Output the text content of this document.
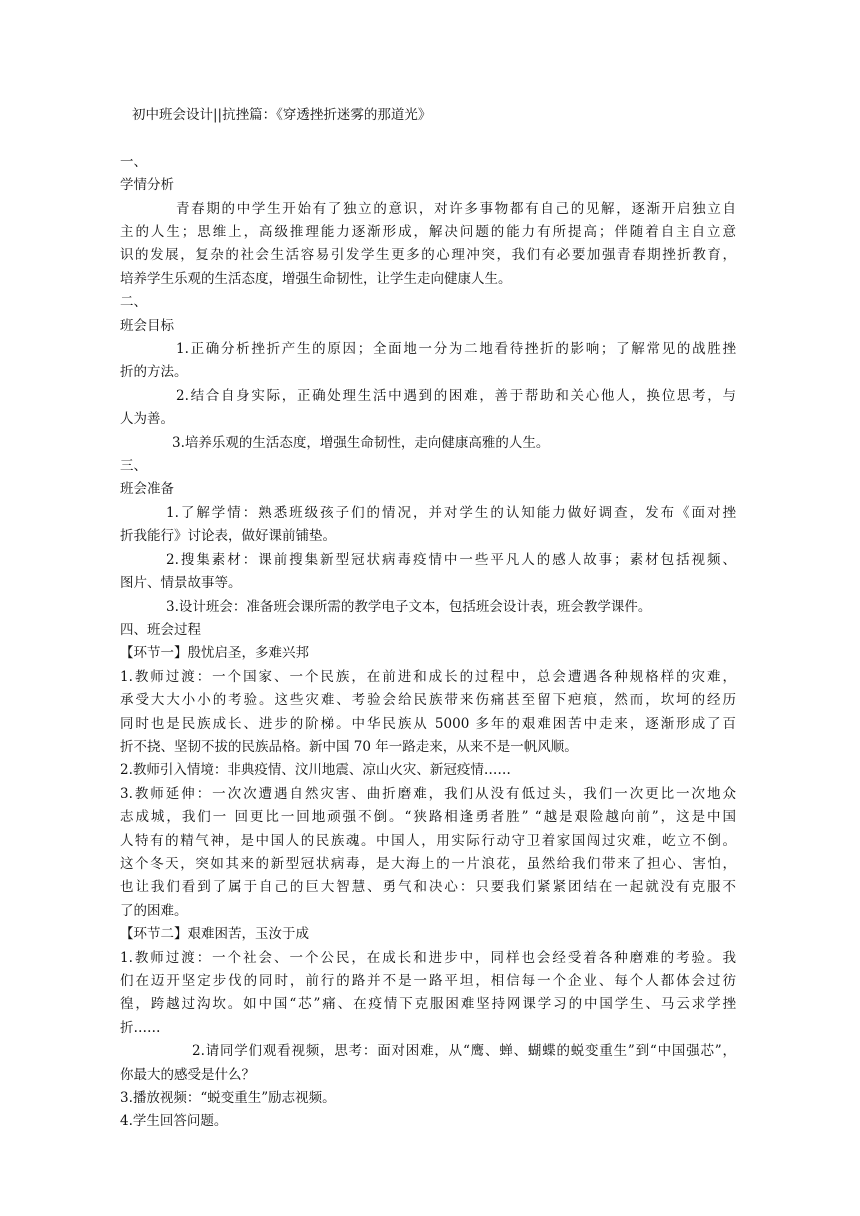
初中班会设计||抗挫篇：《穿透挫折迷雾的那道光》
一、
学情分析
青春期的中学生开始有了独立的意识，对许多事物都有自己的见解，逐渐开启独立自
主的人生；思维上，高级推理能力逐渐形成，解决问题的能力有所提高；伴随着自主自立意
识的发展，复杂的社会生活容易引发学生更多的心理冲突，我们有必要加强青春期挫折教育，
培养学生乐观的生活态度，增强生命韧性，让学生走向健康人生。
二、
班会目标
1.正确分析挫折产生的原因；全面地一分为二地看待挫折的影响；了解常见的战胜挫
折的方法。
2.结合自身实际，正确处理生活中遇到的困难，善于帮助和关心他人，换位思考，与
人为善。
3.培养乐观的生活态度，增强生命韧性，走向健康高雅的人生。
三、
班会准备
1.了解学情：熟悉班级孩子们的情况，并对学生的认知能力做好调查，发布《面对挫
折我能行》讨论表，做好课前铺垫。
2.搜集素材：课前搜集新型冠状病毒疫情中一些平凡人的感人故事；素材包括视频、
图片、情景故事等。
3.设计班会：准备班会课所需的教学电子文本，包括班会设计表，班会教学课件。
四、班会过程
【环节一】殷忧启圣，多难兴邦
1.教师过渡：一个国家、一个民族，在前进和成长的过程中，总会遭遇各种规格样的灾难，
承受大大小小的考验。这些灾难、考验会给民族带来伤痛甚至留下疤痕，然而，坎坷的经历
同时也是民族成长、进步的阶梯。中华民族从 5000 多年的艰难困苦中走来，逐渐形成了百
折不挠、坚韧不拔的民族品格。新中国 70 年一路走来，从来不是一帆风顺。
2.教师引入情境：非典疫情、汶川地震、凉山火灾、新冠疫情……
3.教师延伸：一次次遭遇自然灾害、曲折磨难，我们从没有低过头，我们一次更比一次地众
志成城，我们一 回更比一回地顽强不倒。“狭路相逢勇者胜” “越是艰险越向前”，这是中国
人特有的精气神，是中国人的民族魂。中国人，用实际行动守卫着家国闯过灾难，屹立不倒。
这个冬天，突如其来的新型冠状病毒，是大海上的一片浪花，虽然给我们带来了担心、害怕，
也让我们看到了属于自己的巨大智慧、勇气和决心：只要我们紧紧团结在一起就没有克服不
了的困难。
【环节二】艰难困苦，玉汝于成
1.教师过渡：一个社会、一个公民，在成长和进步中，同样也会经受着各种磨难的考验。我
们在迈开坚定步伐的同时，前行的路并不是一路平坦，相信每一个企业、每个人都体会过彷
徨，跨越过沟坎。如中国“芯”痛、在疫情下克服困难坚持网课学习的中国学生、马云求学挫
折……
2.请同学们观看视频，思考：面对困难，从“鹰、蝉、蝴蝶的蜕变重生”到“中国强芯”，
你最大的感受是什么？
3.播放视频：“蜕变重生”励志视频。
4.学生回答问题。
